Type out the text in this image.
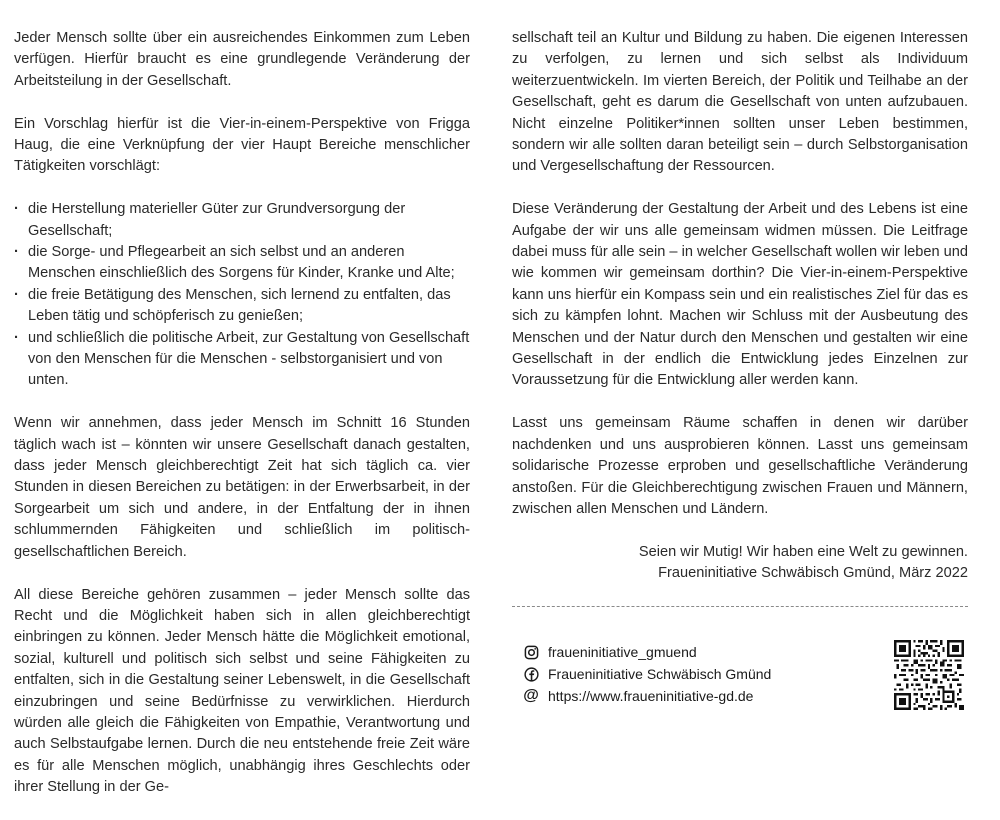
Jeder Mensch sollte über ein ausreichendes Einkommen zum Leben verfügen. Hierfür braucht es eine grundlegende Veränderung der Arbeitsteilung in der Gesellschaft.

Ein Vorschlag hierfür ist die Vier-in-einem-Perspektive von Frigga Haug, die eine Verknüpfung der vier Haupt Bereiche menschlicher Tätigkeiten vorschlägt:

· die Herstellung materieller Güter zur Grundversorgung der Gesellschaft;
· die Sorge- und Pflegearbeit an sich selbst und an anderen Menschen einschließlich des Sorgens für Kinder, Kranke und Alte;
· die freie Betätigung des Menschen, sich lernend zu entfalten, das Leben tätig und schöpferisch zu genießen;
· und schließlich die politische Arbeit, zur Gestaltung von Gesellschaft von den Menschen für die Menschen - selbstorganisiert und von unten.

Wenn wir annehmen, dass jeder Mensch im Schnitt 16 Stunden täglich wach ist – könnten wir unsere Gesellschaft danach gestalten, dass jeder Mensch gleichberechtigt Zeit hat sich täglich ca. vier Stunden in diesen Bereichen zu betätigen: in der Erwerbsarbeit, in der Sorgearbeit um sich und andere, in der Entfaltung der in ihnen schlummernden Fähigkeiten und schließlich im politisch-gesellschaftlichen Bereich.

All diese Bereiche gehören zusammen – jeder Mensch sollte das Recht und die Möglichkeit haben sich in allen gleichberechtigt einbringen zu können. Jeder Mensch hätte die Möglichkeit emotional, sozial, kulturell und politisch sich selbst und seine Fähigkeiten zu entfalten, sich in die Gestaltung seiner Lebenswelt, in die Gesellschaft einzubringen und seine Bedürfnisse zu verwirklichen. Hierdurch würden alle gleich die Fähigkeiten von Empathie, Verantwortung und auch Selbstaufgabe lernen. Durch die neu entstehende freie Zeit wäre es für alle Menschen möglich, unabhängig ihres Geschlechts oder ihrer Stellung in der Ge-

sellschaft teil an Kultur und Bildung zu haben. Die eigenen Interessen zu verfolgen, zu lernen und sich selbst als Individuum weiterzuentwickeln. Im vierten Bereich, der Politik und Teilhabe an der Gesellschaft, geht es darum die Gesellschaft von unten aufzubauen. Nicht einzelne Politiker*innen sollten unser Leben bestimmen, sondern wir alle sollten daran beteiligt sein – durch Selbstorganisation und Vergesellschaftung der Ressourcen.

Diese Veränderung der Gestaltung der Arbeit und des Lebens ist eine Aufgabe der wir uns alle gemeinsam widmen müssen. Die Leitfrage dabei muss für alle sein – in welcher Gesellschaft wollen wir leben und wie kommen wir gemeinsam dorthin? Die Vier-in-einem-Perspektive kann uns hierfür ein Kompass sein und ein realistisches Ziel für das es sich zu kämpfen lohnt. Machen wir Schluss mit der Ausbeutung des Menschen und der Natur durch den Menschen und gestalten wir eine Gesellschaft in der endlich die Entwicklung jedes Einzelnen zur Voraussetzung für die Entwicklung aller werden kann.

Lasst uns gemeinsam Räume schaffen in denen wir darüber nachdenken und uns ausprobieren können. Lasst uns gemeinsam solidarische Prozesse erproben und gesellschaftliche Veränderung anstoßen. Für die Gleichberechtigung zwischen Frauen und Männern, zwischen allen Menschen und Ländern.

Seien wir Mutig! Wir haben eine Welt zu gewinnen.

Fraueninitiative Schwäbisch Gmünd, März 2022

fraueninitiative_gmuend
Fraueninitiative Schwäbisch Gmünd
@ https://www.fraueninitiative-gd.de
